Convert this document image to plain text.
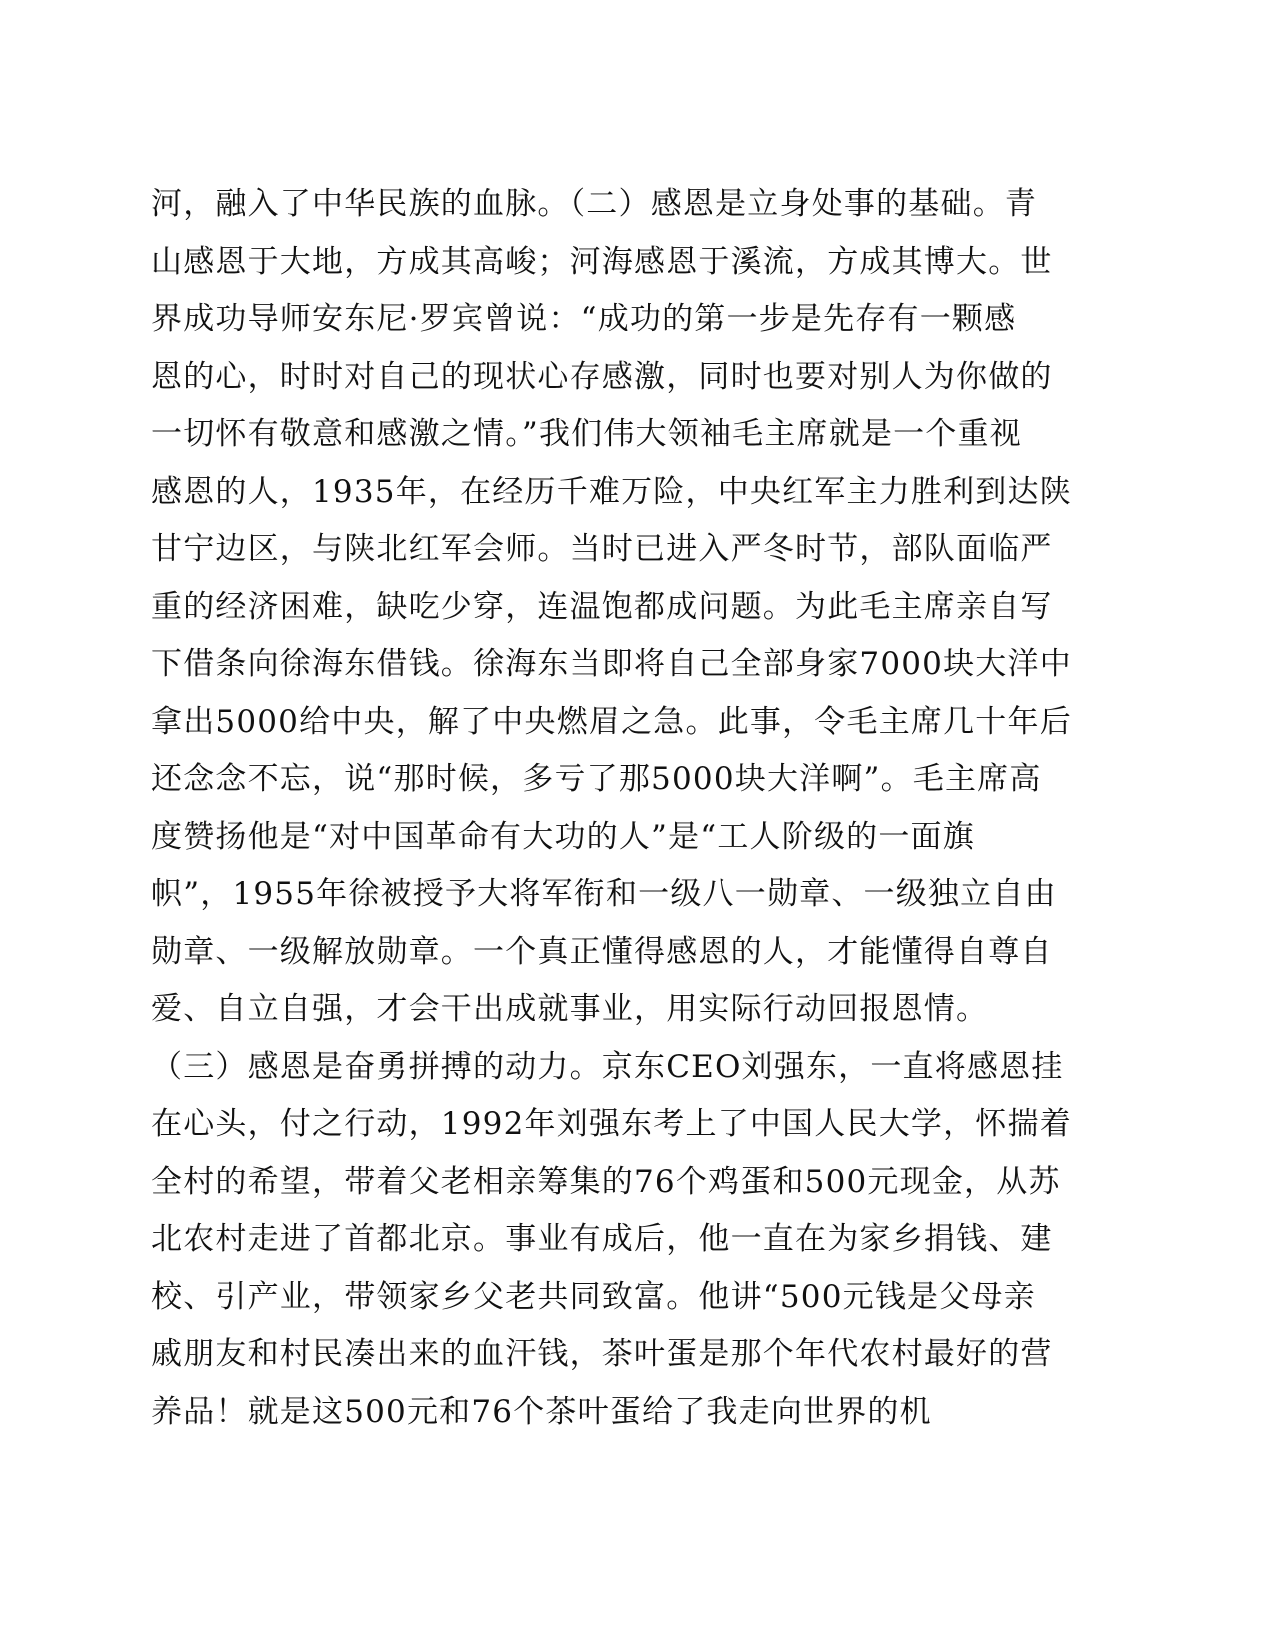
河，融入了中华民族的血脉。（二）感恩是立身处事的基础。青
山感恩于大地，方成其高峻；河海感恩于溪流，方成其博大。世
界成功导师安东尼·罗宾曾说：“成功的第一步是先存有一颗感
恩的心，时时对自己的现状心存感激，同时也要对别人为你做的
一切怀有敬意和感激之情。”我们伟大领袖毛主席就是一个重视
感恩的人，1935年，在经历千难万险，中央红军主力胜利到达陕
甘宁边区，与陕北红军会师。当时已进入严冬时节，部队面临严
重的经济困难，缺吃少穿，连温饱都成问题。为此毛主席亲自写
下借条向徐海东借钱。徐海东当即将自己全部身家7000块大洋中
拿出5000给中央，解了中央燃眉之急。此事，令毛主席几十年后
还念念不忘，说“那时候，多亏了那5000块大洋啊”。毛主席高
度赞扬他是“对中国革命有大功的人”是“工人阶级的一面旗
帜”，1955年徐被授予大将军衔和一级八一勋章、一级独立自由
勋章、一级解放勋章。一个真正懂得感恩的人，才能懂得自尊自
爱、自立自强，才会干出成就事业，用实际行动回报恩情。
（三）感恩是奋勇拼搏的动力。京东CEO刘强东，一直将感恩挂
在心头，付之行动，1992年刘强东考上了中国人民大学，怀揣着
全村的希望，带着父老相亲筹集的76个鸡蛋和500元现金，从苏
北农村走进了首都北京。事业有成后，他一直在为家乡捐钱、建
校、引产业，带领家乡父老共同致富。他讲“500元钱是父母亲
戚朋友和村民凑出来的血汗钱，茶叶蛋是那个年代农村最好的营
养品！就是这500元和76个茶叶蛋给了我走向世界的机
